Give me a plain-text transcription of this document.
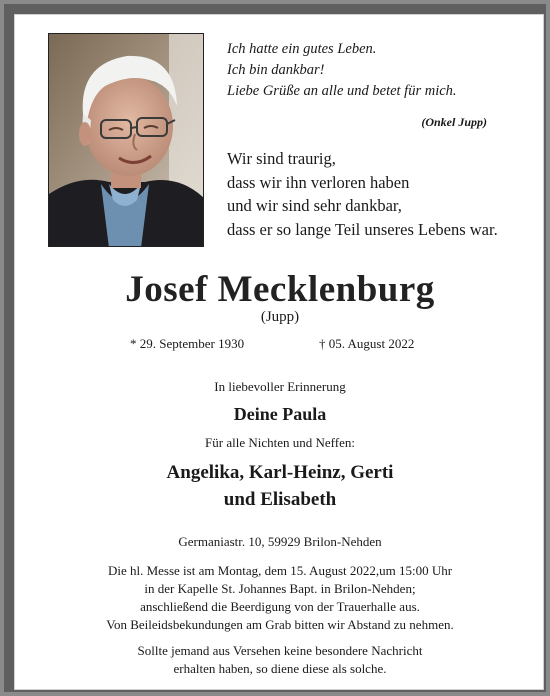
Ich hatte ein gutes Leben.
Ich bin dankbar!
Liebe Grüße an alle und betet für mich.
(Onkel Jupp)
Wir sind traurig,
dass wir ihn verloren haben
und wir sind sehr dankbar,
dass er so lange Teil unseres Lebens war.
Josef Mecklenburg
(Jupp)
* 29. September 1930	† 05. August 2022
In liebevoller Erinnerung
Deine Paula
Für alle Nichten und Neffen:
Angelika, Karl-Heinz, Gerti
und Elisabeth
Germaniastr. 10, 59929 Brilon-Nehden
Die hl. Messe ist am Montag, dem 15. August 2022,um 15:00 Uhr
in der Kapelle St. Johannes Bapt. in Brilon-Nehden;
anschließend die Beerdigung von der Trauerhalle aus.
Von Beileidsbekundungen am Grab bitten wir Abstand zu nehmen.
Sollte jemand aus Versehen keine besondere Nachricht
erhalten haben, so diene diese als solche.
